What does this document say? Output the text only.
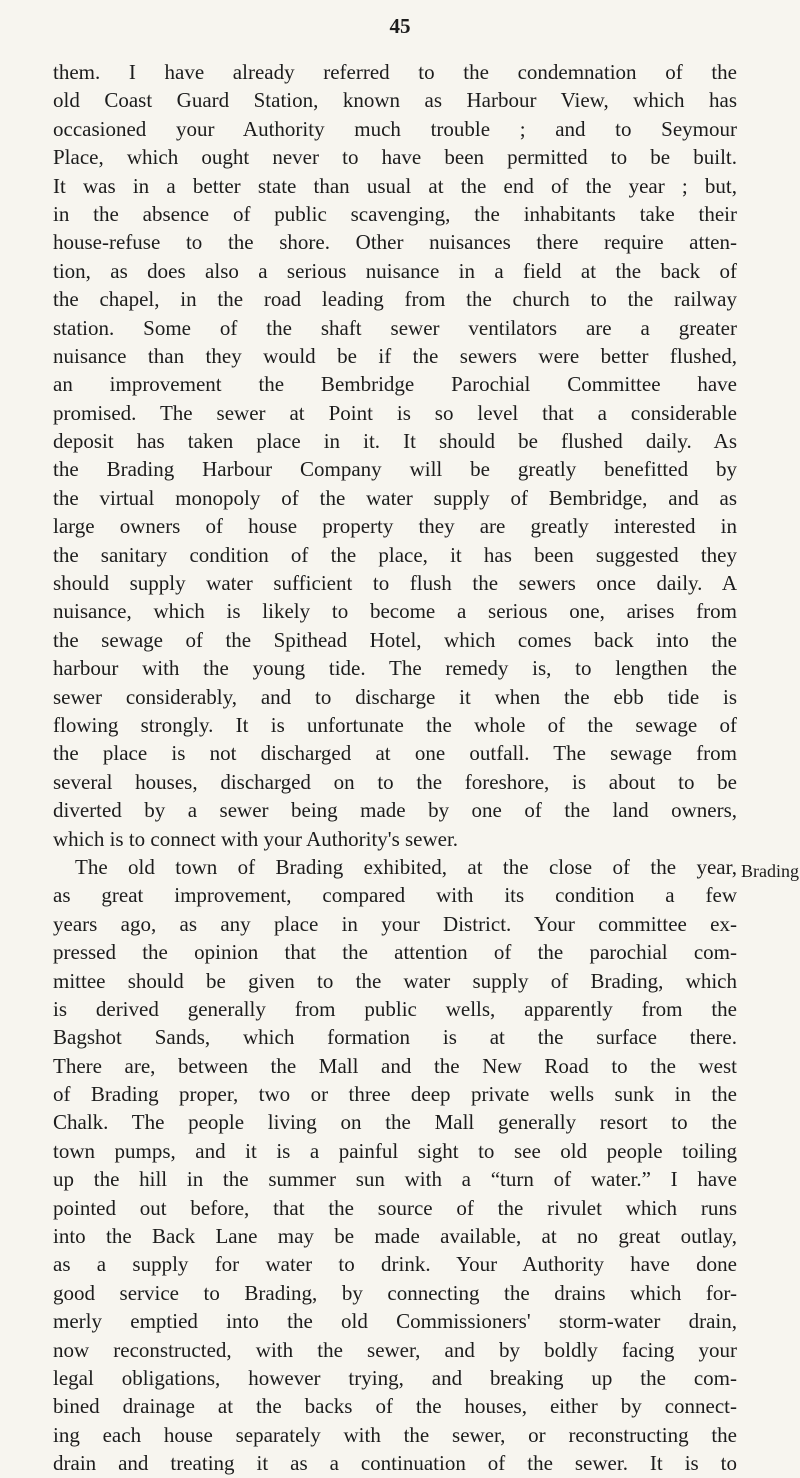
45
them. I have already referred to the condemnation of the
old Coast Guard Station, known as Harbour View, which has
occasioned your Authority much trouble ; and to Seymour
Place, which ought never to have been permitted to be built.
It was in a better state than usual at the end of the year ; but,
in the absence of public scavenging, the inhabitants take their
house-refuse to the shore. Other nuisances there require atten-
tion, as does also a serious nuisance in a field at the back of
the chapel, in the road leading from the church to the railway
station. Some of the shaft sewer ventilators are a greater
nuisance than they would be if the sewers were better flushed,
an improvement the Bembridge Parochial Committee have
promised. The sewer at Point is so level that a considerable
deposit has taken place in it. It should be flushed daily. As
the Brading Harbour Company will be greatly benefitted by
the virtual monopoly of the water supply of Bembridge, and as
large owners of house property they are greatly interested in
the sanitary condition of the place, it has been suggested they
should supply water sufficient to flush the sewers once daily. A
nuisance, which is likely to become a serious one, arises from
the sewage of the Spithead Hotel, which comes back into the
harbour with the young tide. The remedy is, to lengthen the
sewer considerably, and to discharge it when the ebb tide is
flowing strongly. It is unfortunate the whole of the sewage of
the place is not discharged at one outfall. The sewage from
several houses, discharged on to the foreshore, is about to be
diverted by a sewer being made by one of the land owners,
which is to connect with your Authority's sewer.
The old town of Brading exhibited, at the close of the year,
as great improvement, compared with its condition a few
years ago, as any place in your District. Your committee ex-
pressed the opinion that the attention of the parochial com-
mittee should be given to the water supply of Brading, which
is derived generally from public wells, apparently from the
Bagshot Sands, which formation is at the surface there.
There are, between the Mall and the New Road to the west
of Brading proper, two or three deep private wells sunk in the
Chalk. The people living on the Mall generally resort to the
town pumps, and it is a painful sight to see old people toiling
up the hill in the summer sun with a “turn of water.” I have
pointed out before, that the source of the rivulet which runs
into the Back Lane may be made available, at no great outlay,
as a supply for water to drink. Your Authority have done
good service to Brading, by connecting the drains which for-
merly emptied into the old Commissioners' storm-water drain,
now reconstructed, with the sewer, and by boldly facing your
legal obligations, however trying, and breaking up the com-
bined drainage at the backs of the houses, either by connect-
ing each house separately with the sewer, or reconstructing the
drain and treating it as a continuation of the sewer. It is to
Brading
